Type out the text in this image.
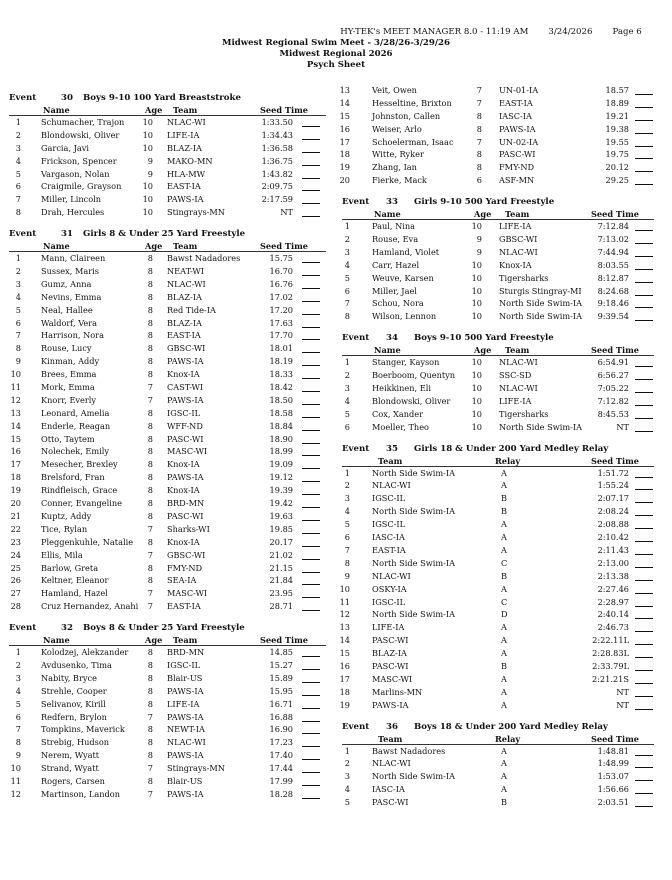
HY-TEK's MEET MANAGER 8.0 - 11:19 AM 3/24/2026 Page 6
Midwest Regional Swim Meet - 3/28/26-3/29/26
Midwest Regional 2026
Psych Sheet
Event	30 Boys 9-10 100 Yard Breaststroke
Name	Age Team	Seed Time
1 Schumacher, Trajon	10 NLAC-WI	1:33.50
2 Blondowski, Oliver	10 LIFE-IA	1:34.43
3 Garcia, Javi	10 BLAZ-IA	1:36.58
4 Frickson, Spencer	9 MAKO-MN	1:36.75
5 Vargason, Nolan	9 HLA-MW	1:43.82
6 Craigmile, Grayson	10 EAST-IA	2:09.75
7 Miller, Lincoln	10 PAWS-IA	2:17.59
8 Drah, Hercules	10 Stingrays-MN	NT
Event	31 Girls 8 & Under 25 Yard Freestyle
Name	Age Team	Seed Time
1 Mann, Claireen	8 Bawst Nadadores	15.75
2 Sussex, Maris	8 NEAT-WI	16.70
3 Gumz, Anna	8 NLAC-WI	16.76
4 Nevins, Emma	8 BLAZ-IA	17.02
5 Neal, Hallee	8 Red Tide-IA	17.20
6 Waldorf, Vera	8 BLAZ-IA	17.63
7 Harrison, Nora	8 EAST-IA	17.70
8 Rouse, Lucy	8 GBSC-WI	18.01
9 Kinman, Addy	8 PAWS-IA	18.19
10 Brees, Emma	8 Knox-IA	18.33
11 Mork, Emma	7 CAST-WI	18.42
12 Knorr, Everly	7 PAWS-IA	18.50
13 Leonard, Amelia	8 IGSC-IL	18.58
14 Enderle, Reagan	8 WFF-ND	18.84
15 Otto, Taytem	8 PASC-WI	18.90
16 Nolechek, Emily	8 MASC-WI	18.99
17 Mesecher, Brexley	8 Knox-IA	19.09
18 Brelsford, Fran	8 PAWS-IA	19.12
19 Rindfleisch, Grace	8 Knox-IA	19.39
20 Conner, Evangeline	8 BRD-MN	19.42
21 Kuptz, Addy	8 PASC-WI	19.63
22 Tice, Rylan	7 Sharks-WI	19.85
23 Pleggenkuhle, Natalie	8 Knox-IA	20.17
24 Ellis, Mila	7 GBSC-WI	21.02
25 Barlow, Greta	8 FMY-ND	21.15
26 Keltner, Eleanor	8 SEA-IA	21.84
27 Hamland, Hazel	7 MASC-WI	23.95
28 Cruz Hernandez, Anahi	7 EAST-IA	28.71
Event	32 Boys 8 & Under 25 Yard Freestyle
Name	Age Team	Seed Time
1 Kolodzej, Alekzander	8 BRD-MN	14.85
2 Avdusenko, Tima	8 IGSC-IL	15.27
3 Nabity, Bryce	8 Blair-US	15.89
4 Strehle, Cooper	8 PAWS-IA	15.95
5 Selivanov, Kirill	8 LIFE-IA	16.71
6 Redfern, Brylon	7 PAWS-IA	16.88
7 Tompkins, Maverick	8 NEWT-IA	16.90
8 Strebig, Hudson	8 NLAC-WI	17.23
9 Nerem, Wyatt	8 PAWS-IA	17.40
10 Strand, Wyatt	7 Stingrays-MN	17.44
11 Rogers, Carsen	8 Blair-US	17.99
12 Martinson, Landon	7 PAWS-IA	18.28
13	Veit, Owen	7 UN-01-IA	18.57
14	Hesseltine, Brixton	7 EAST-IA	18.89
15	Johnston, Callen	8 IASC-IA	19.21
16	Weiser, Arlo	8 PAWS-IA	19.38
17	Schoelerman, Isaac	7 UN-02-IA	19.55
18	Witte, Ryker	8 PASC-WI	19.75
19	Zhang, Ian	8 FMY-ND	20.12
20	Fierke, Mack	6 ASF-MN	29.25
Event 33 Girls 9-10 500 Yard Freestyle
Name	Age Team	Seed Time
1	Paul, Nina	10 LIFE-IA	7:12.84
2	Rouse, Eva	9 GBSC-WI	7:13.02
3	Hamland, Violet	9 NLAC-WI	7:44.94
4	Carr, Hazel	10 Knox-IA	8:03.55
5	Weuve, Karsen	10 Tigersharks	8:12.87
6	Miller, Jael	10 Sturgis Stingray-MI	8:24.68
7	Schou, Nora	10 North Side Swim-IA	9:18.46
8	Wilson, Lennon	10 North Side Swim-IA	9:39.54
Event 34 Boys 9-10 500 Yard Freestyle
Name	Age Team	Seed Time
1	Stanger, Kayson	10 NLAC-WI	6:54.91
2	Boerboom, Quentyn	10 SSC-SD	6:56.27
3	Heikkinen, Eli	10 NLAC-WI	7:05.22
4	Blondowski, Oliver	10 LIFE-IA	7:12.82
5	Cox, Xander	10 Tigersharks	8:45.53
6	Moeller, Theo	10 North Side Swim-IA	NT
Event 35 Girls 18 & Under 200 Yard Medley Relay
Team	Relay	Seed Time
1	North Side Swim-IA	A	1:51.72
2	NLAC-WI	A	1:55.24
3	IGSC-IL	B	2:07.17
4	North Side Swim-IA	B	2:08.24
5	IGSC-IL	A	2:08.88
6	IASC-IA	A	2:10.42
7	EAST-IA	A	2:11.43
8	North Side Swim-IA	C	2:13.00
9	NLAC-WI	B	2:13.38
10	OSKY-IA	A	2:27.46
11	IGSC-IL	C	2:28.97
12	North Side Swim-IA	D	2:40.14
13	LIFE-IA	A	2:46.73
14	PASC-WI	A	2:22.11L
15	BLAZ-IA	A	2:28.83L
16	PASC-WI	B	2:33.79L
17	MASC-WI	A	2:21.21S
18	Marlins-MN	A	NT
19	PAWS-IA	A	NT
Event 36 Boys 18 & Under 200 Yard Medley Relay
Team	Relay	Seed Time
1	Bawst Nadadores	A	1:48.81
2	NLAC-WI	A	1:48.99
3	North Side Swim-IA	A	1:53.07
4	IASC-IA	A	1:56.66
5	PASC-WI	B	2:03.51
